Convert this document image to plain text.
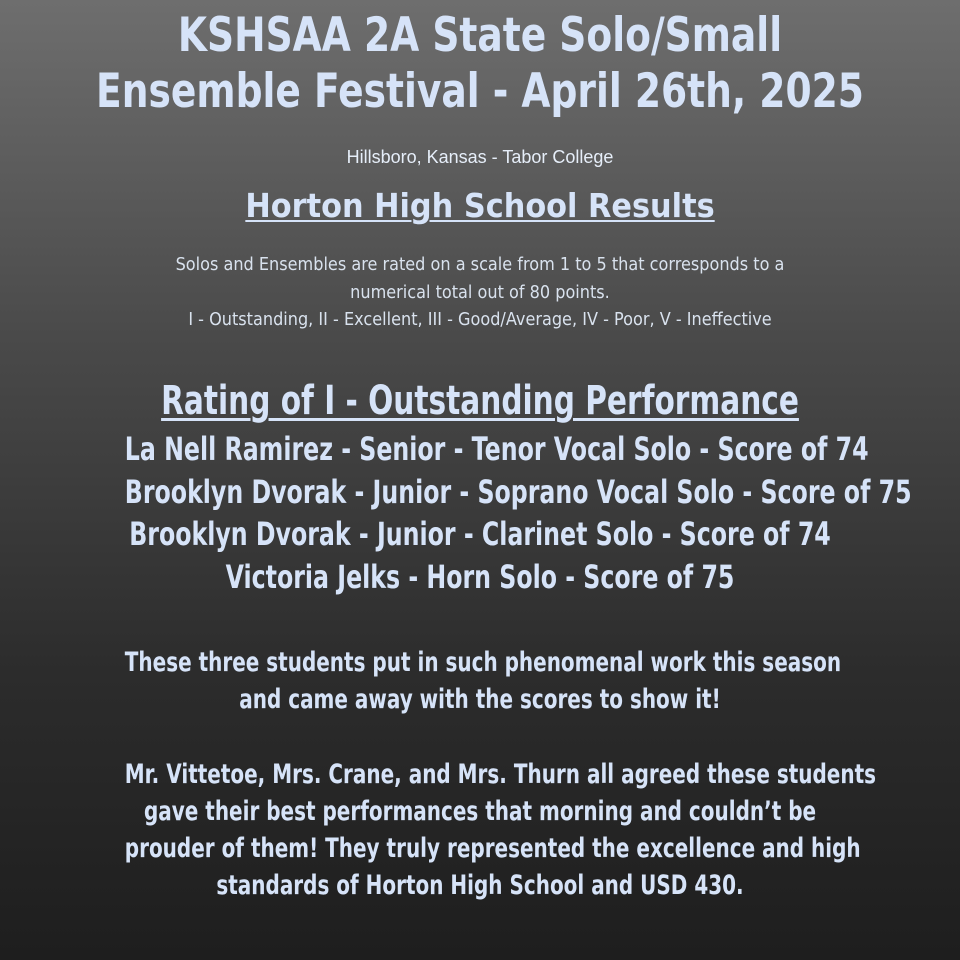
KSHSAA 2A State Solo/Small
Ensemble Festival - April 26th, 2025
Hillsboro, Kansas - Tabor College
Horton High School Results
Solos and Ensembles are rated on a scale from 1 to 5 that corresponds to a
numerical total out of 80 points.
I - Outstanding, II - Excellent, III - Good/Average, IV - Poor, V - Ineffective
Rating of I - Outstanding Performance
La Nell Ramirez - Senior - Tenor Vocal Solo - Score of 74
Brooklyn Dvorak - Junior - Soprano Vocal Solo - Score of 75
Brooklyn Dvorak - Junior - Clarinet Solo - Score of 74
Victoria Jelks - Horn Solo - Score of 75
These three students put in such phenomenal work this season
and came away with the scores to show it!
Mr. Vittetoe, Mrs. Crane, and Mrs. Thurn all agreed these students
gave their best performances that morning and couldn’t be
prouder of them! They truly represented the excellence and high
standards of Horton High School and USD 430.
